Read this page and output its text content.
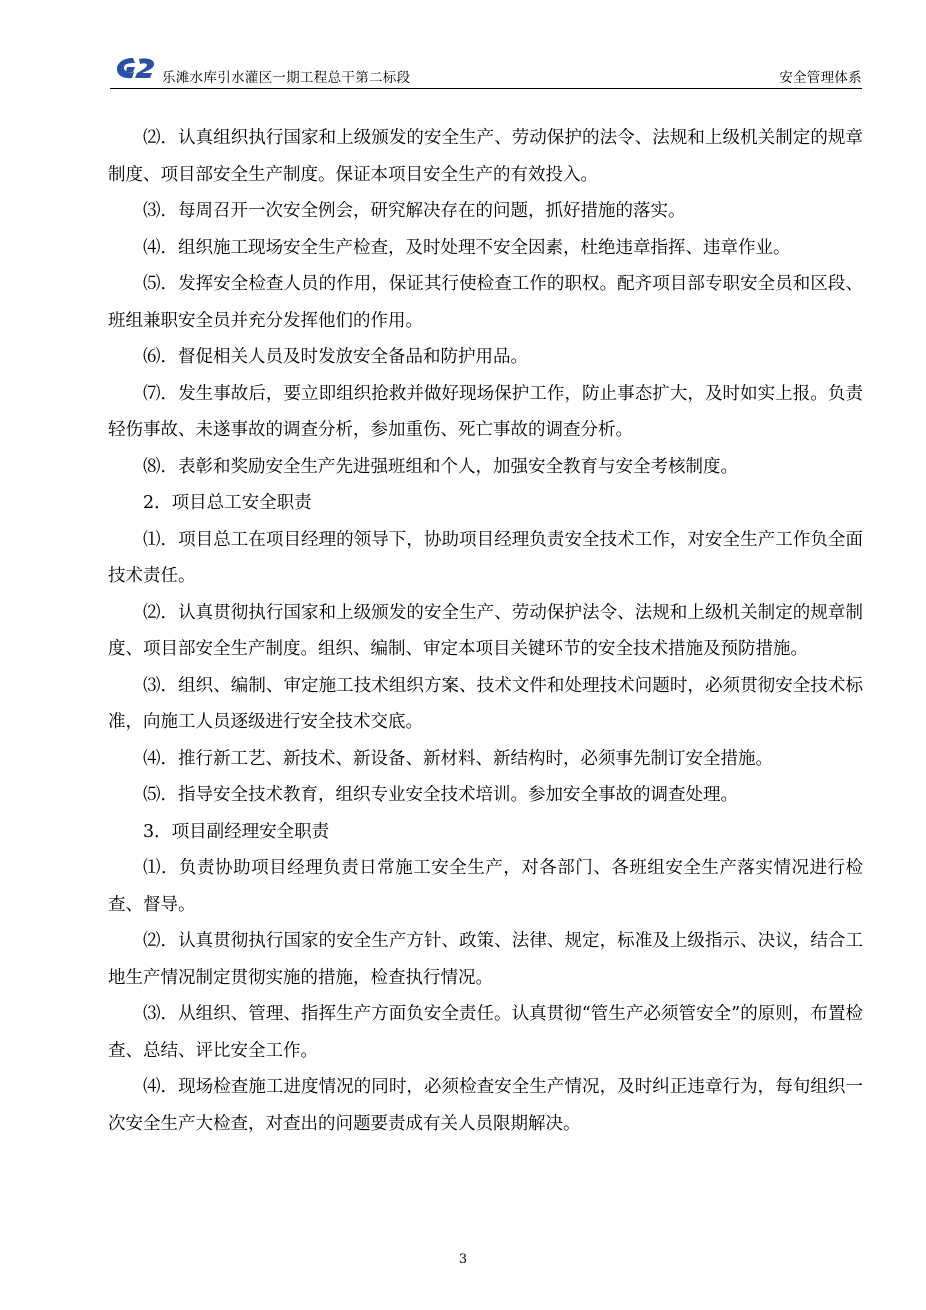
G2
乐滩水库引水灌区一期工程总干第二标段	安全管理体系

⑵．认真组织执行国家和上级颁发的安全生产、劳动保护的法令、法规和上级机关制定的规章制度、项目部安全生产制度。保证本项目安全生产的有效投入。

⑶．每周召开一次安全例会，研究解决存在的问题，抓好措施的落实。

⑷．组织施工现场安全生产检查，及时处理不安全因素，杜绝违章指挥、违章作业。

⑸．发挥安全检查人员的作用，保证其行使检查工作的职权。配齐项目部专职安全员和区段、班组兼职安全员并充分发挥他们的作用。

⑹．督促相关人员及时发放安全备品和防护用品。

⑺．发生事故后，要立即组织抢救并做好现场保护工作，防止事态扩大，及时如实上报。负责轻伤事故、未遂事故的调查分析，参加重伤、死亡事故的调查分析。

⑻．表彰和奖励安全生产先进强班组和个人，加强安全教育与安全考核制度。

2．项目总工安全职责

⑴．项目总工在项目经理的领导下，协助项目经理负责安全技术工作，对安全生产工作负全面技术责任。

⑵．认真贯彻执行国家和上级颁发的安全生产、劳动保护法令、法规和上级机关制定的规章制度、项目部安全生产制度。组织、编制、审定本项目关键环节的安全技术措施及预防措施。

⑶．组织、编制、审定施工技术组织方案、技术文件和处理技术问题时，必须贯彻安全技术标准，向施工人员逐级进行安全技术交底。

⑷．推行新工艺、新技术、新设备、新材料、新结构时，必须事先制订安全措施。

⑸．指导安全技术教育，组织专业安全技术培训。参加安全事故的调查处理。

3．项目副经理安全职责

⑴．负责协助项目经理负责日常施工安全生产，对各部门、各班组安全生产落实情况进行检查、督导。

⑵．认真贯彻执行国家的安全生产方针、政策、法律、规定，标准及上级指示、决议，结合工地生产情况制定贯彻实施的措施，检查执行情况。

⑶．从组织、管理、指挥生产方面负安全责任。认真贯彻“管生产必须管安全”的原则，布置检查、总结、评比安全工作。

⑷．现场检查施工进度情况的同时，必须检查安全生产情况，及时纠正违章行为，每旬组织一次安全生产大检查，对查出的问题要责成有关人员限期解决。

3
